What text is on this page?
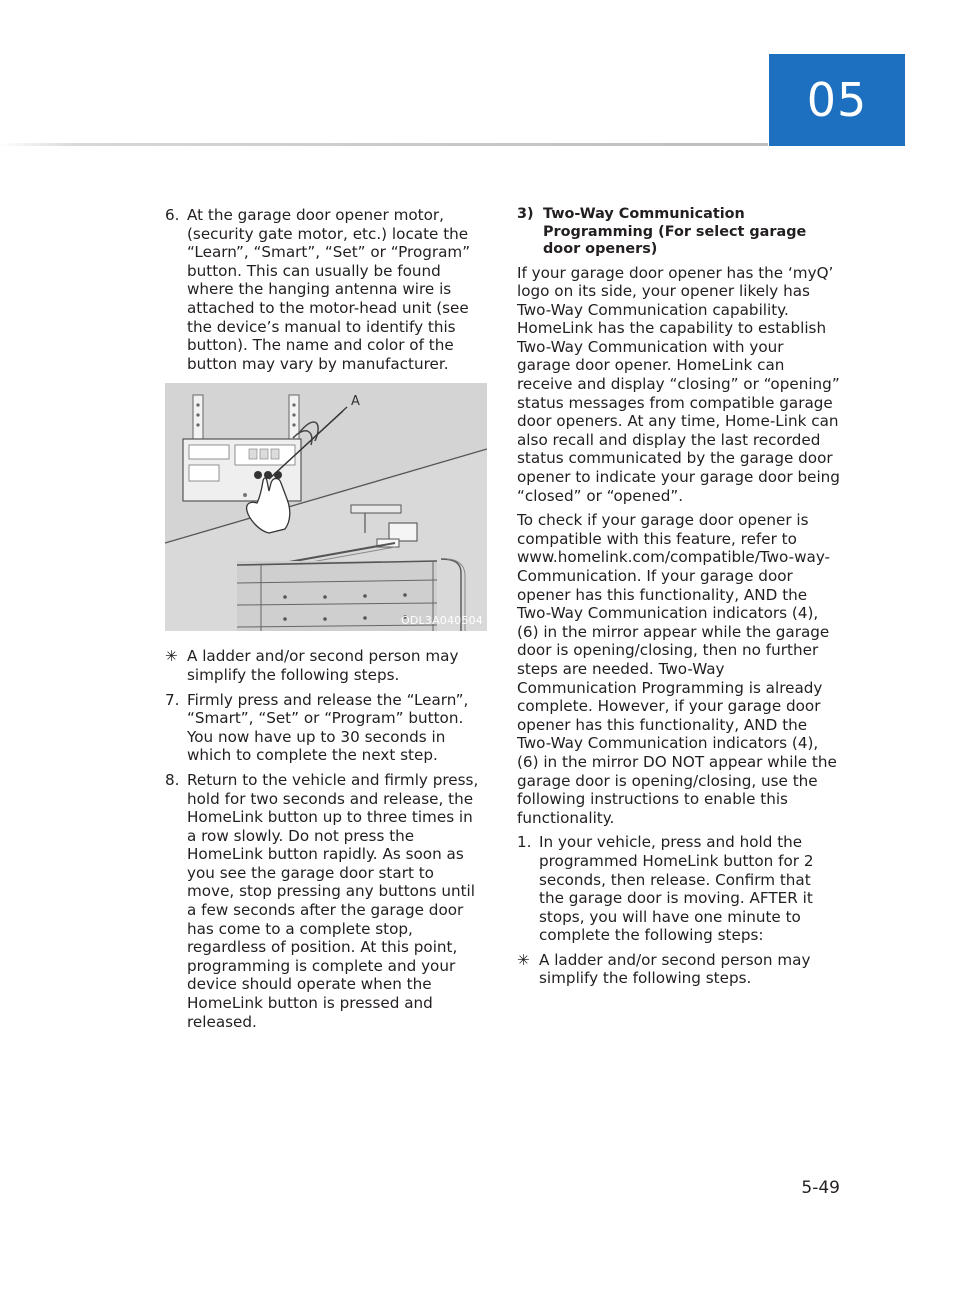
05
6. At the garage door opener motor, (security gate motor, etc.) locate the “Learn”, “Smart”, “Set” or “Program” button. This can usually be found where the hanging antenna wire is attached to the motor-head unit (see the device’s manual to identify this button). The name and color of the button may vary by manufacturer.
A
ODL3A040504
✳ A ladder and/or second person may simplify the following steps.
7. Firmly press and release the “Learn”, “Smart”, “Set” or “Program” button. You now have up to 30 seconds in which to complete the next step.
8. Return to the vehicle and firmly press, hold for two seconds and release, the HomeLink button up to three times in a row slowly. Do not press the HomeLink button rapidly. As soon as you see the garage door start to move, stop pressing any buttons until a few seconds after the garage door has come to a complete stop, regardless of position. At this point, programming is complete and your device should operate when the HomeLink button is pressed and released.
3) Two-Way Communication Programming (For select garage door openers)
If your garage door opener has the ‘myQ’ logo on its side, your opener likely has Two-Way Communication capability. HomeLink has the capability to establish Two-Way Communication with your garage door opener. HomeLink can receive and display “closing” or “opening” status messages from compatible garage door openers. At any time, Home-Link can also recall and display the last recorded status communicated by the garage door opener to indicate your garage door being “closed” or “opened”.
To check if your garage door opener is compatible with this feature, refer to www.homelink.com/compatible/Two-way-Communication. If your garage door opener has this functionality, AND the Two-Way Communication indicators (4), (6) in the mirror appear while the garage door is opening/closing, then no further steps are needed. Two-Way Communication Programming is already complete. However, if your garage door opener has this functionality, AND the Two-Way Communication indicators (4), (6) in the mirror DO NOT appear while the garage door is opening/closing, use the following instructions to enable this functionality.
1. In your vehicle, press and hold the programmed HomeLink button for 2 seconds, then release. Confirm that the garage door is moving. AFTER it stops, you will have one minute to complete the following steps:
✳ A ladder and/or second person may simplify the following steps.
5-49
